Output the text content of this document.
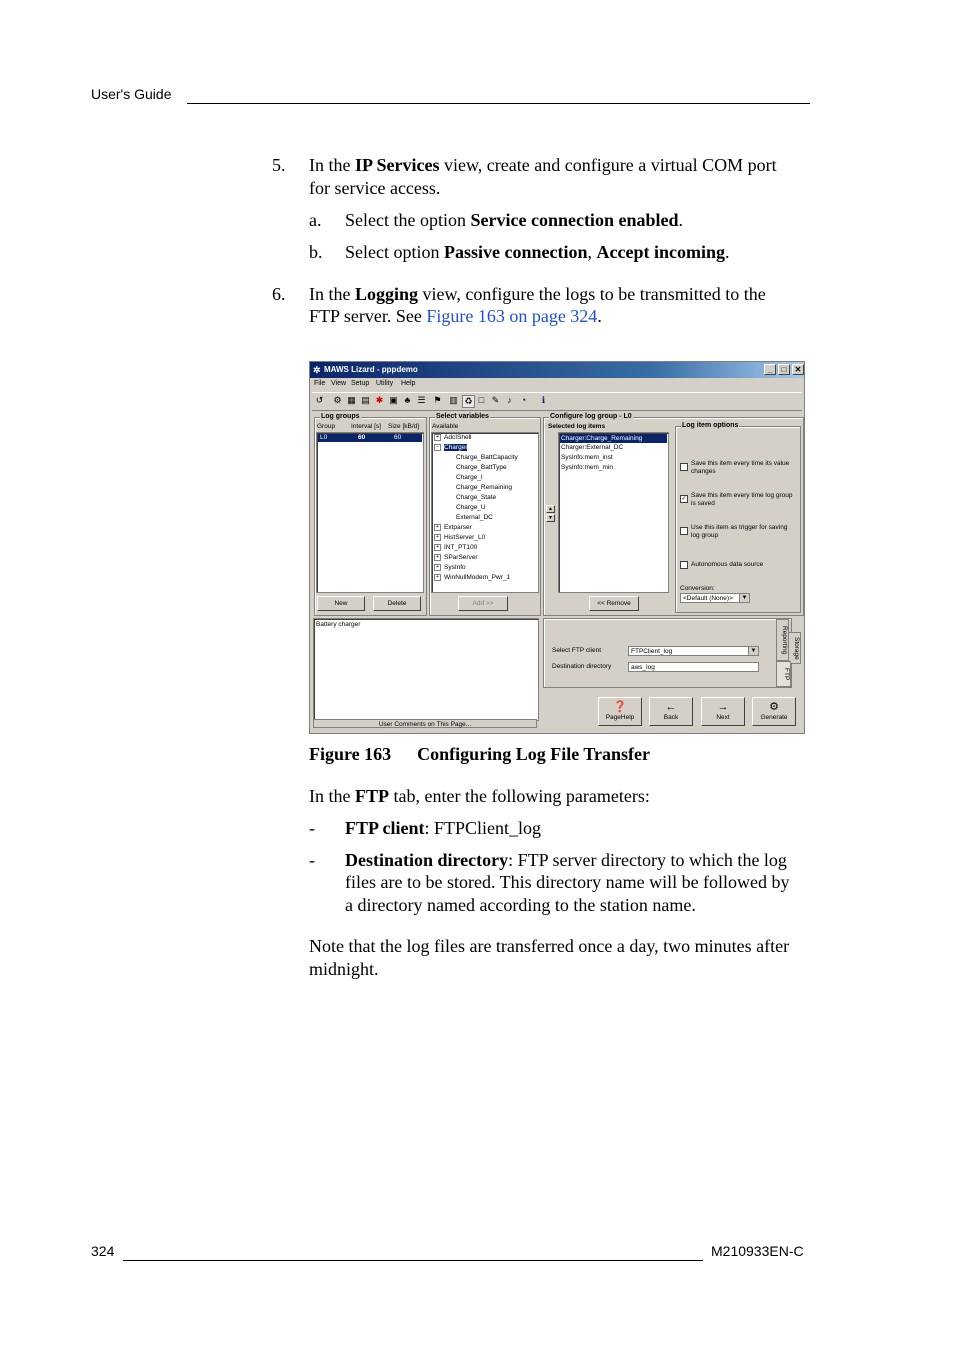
User's Guide
5. In the IP Services view, create and configure a virtual COM port
for service access.
a. Select the option Service connection enabled.
b. Select option Passive connection, Accept incoming.
6. In the Logging view, configure the logs to be transmitted to the
FTP server. See Figure 163 on page 324.
✲ MAWS Lizard - pppdemo	_	□	✕
File View Setup Utility Help
↺ ⚙ ▦ ▤ ✱ ▣ ♣ ☰ ⚑ ▥ ♻ □ ✎ ♪	◔	ℹ
Log groups
Group Interval [s] Size [kB/d]
L0	60	60
New	Delete
Select variables
Available
+ AdcIShell
− Charger
Charge_BattCapacity
Charge_BattType
Charge_I
Charge_Remaining
Charge_State
Charge_U
External_DC
+ Extparser
+ HistServer_L0
+ INT_PT100
+ SParServer
+ SysInfo
+ WinNullModem_Pwr_1
Add >>
Configure log group - L0
Selected log items
Charger:Charge_Remaining
Charger:External_DC
SysInfo:mem_inst
SysInfo:mem_min
▲
▼
<< Remove
Log item options
Save this item every time its value
changes
✓ Save this item every time log group
is saved
Use this item as trigger for saving
log group
Autonomous data source
Conversion:
<Default (None)>	▼
Battery charger
User Comments on This Page...
Select FTP client	FTPClient_log	▼
Destination directory	aws_log
Reporting Storage
FTP
❓
PageHelp
←
Back
→
Next
⚙
Generate
Figure 163 Configuring Log File Transfer
In the FTP tab, enter the following parameters:
- FTP client: FTPClient_log
- Destination directory: FTP server directory to which the log
files are to be stored. This directory name will be followed by
a directory named according to the station name.
Note that the log files are transferred once a day, two minutes after
midnight.
324	M210933EN-C
